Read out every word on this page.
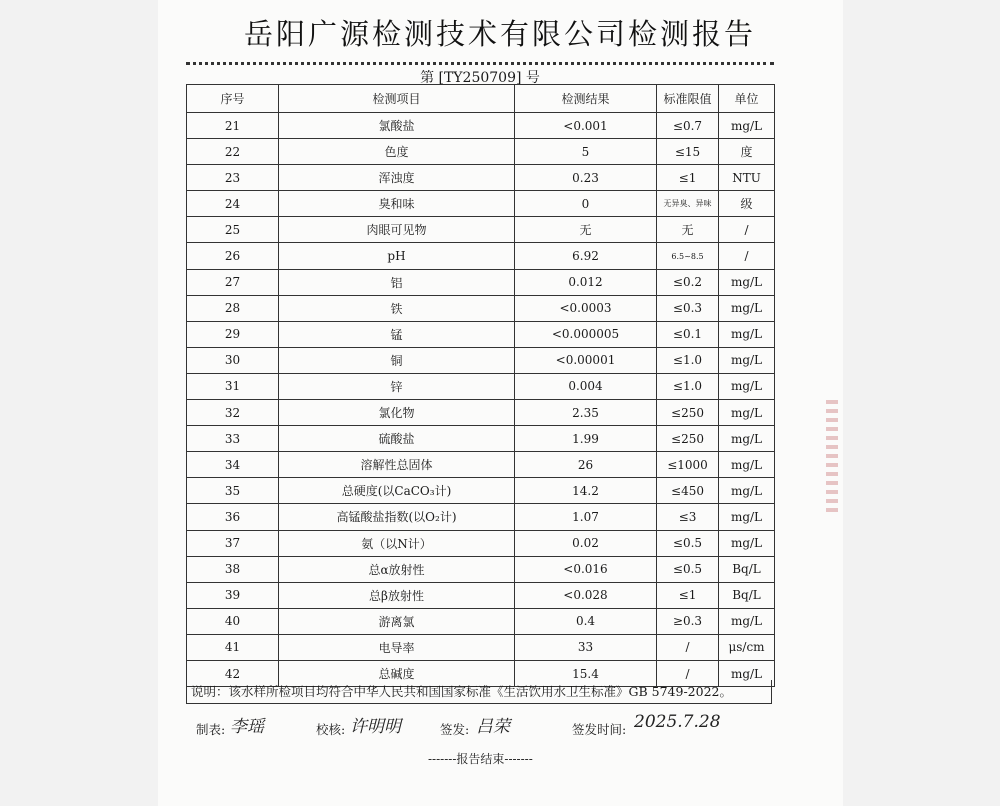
岳阳广源检测技术有限公司检测报告
第 [TY250709] 号
序号	检测项目	检测结果	标准限值	单位
21	氯酸盐	<0.001	≤0.7	mg/L
22	色度	5	≤15	度
23	浑浊度	0.23	≤1	NTU
24	臭和味	0	无异臭、异味	级
25	肉眼可见物	无	无	/
26	pH	6.92	6.5~8.5	/
27	铝	0.012	≤0.2	mg/L
28	铁	<0.0003	≤0.3	mg/L
29	锰	<0.000005	≤0.1	mg/L
30	铜	<0.00001	≤1.0	mg/L
31	锌	0.004	≤1.0	mg/L
32	氯化物	2.35	≤250	mg/L
33	硫酸盐	1.99	≤250	mg/L
34	溶解性总固体	26	≤1000	mg/L
35	总硬度(以CaCO₃计)	14.2	≤450	mg/L
36	高锰酸盐指数(以O₂计)	1.07	≤3	mg/L
37	氨（以N计）	0.02	≤0.5	mg/L
38	总α放射性	<0.016	≤0.5	Bq/L
39	总β放射性	<0.028	≤1	Bq/L
40	游离氯	0.4	≥0.3	mg/L
41	电导率	33	/	μs/cm
42	总碱度	15.4	/	mg/L
说明：该水样所检项目均符合中华人民共和国国家标准《生活饮用水卫生标准》GB 5749-2022。
制表: 李瑶	校核: 许明明	签发: 吕荣	签发时间: 2025.7.28
-------报告结束-------
